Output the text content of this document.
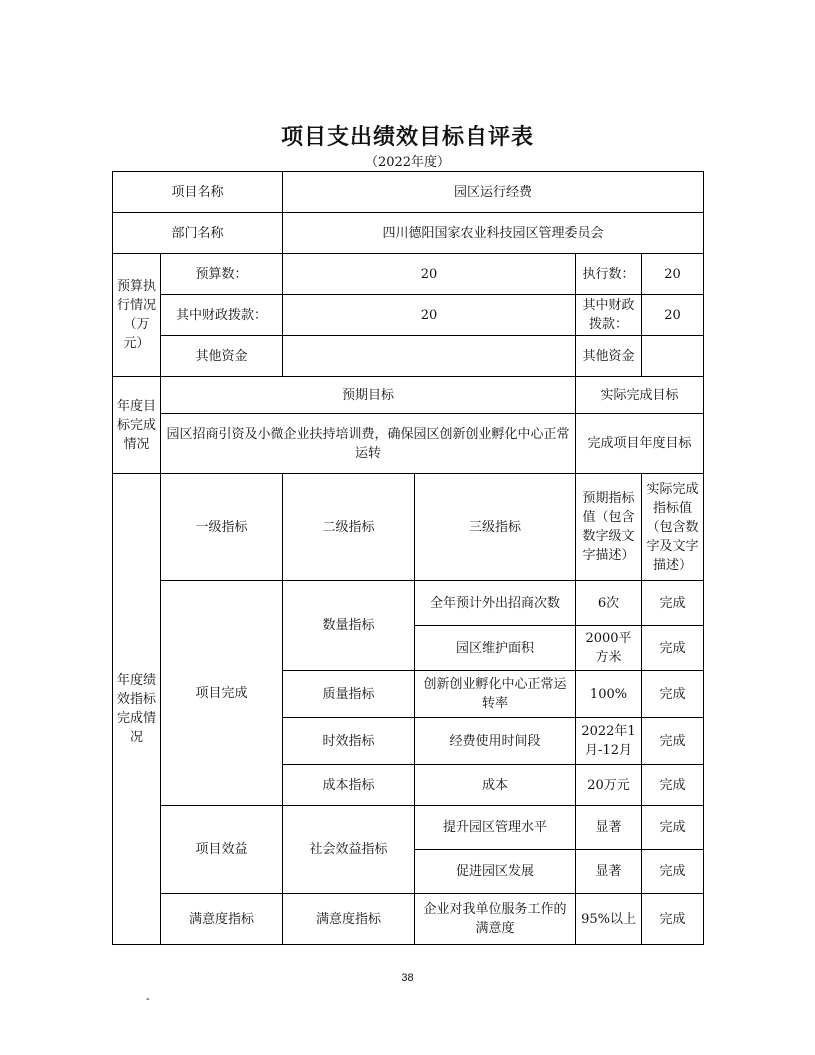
项目支出绩效目标自评表
（2022年度）
项目名称		园区运行经费			
部门名称		四川德阳国家农业科技园区管理委员会			
预算执行情况（万元）	预算数：	20		执行数：	20
	其中财政拨款：	20		其中财政拨款：	20
	其他资金			其他资金	
年度目标完成情况	预期目标			实际完成目标	
	园区招商引资及小微企业扶持培训费，确保园区创新创业孵化中心正常运转			完成项目年度目标	
年度绩效指标完成情况	一级指标	二级指标	三级指标	预期指标值（包含数字级文字描述）	实际完成指标值（包含数字及文字描述）
	项目完成	数量指标	全年预计外出招商次数	6次	完成
			园区维护面积	2000平方米	完成
		质量指标	创新创业孵化中心正常运转率	100%	完成
		时效指标	经费使用时间段	2022年1月-12月	完成
		成本指标	成本	20万元	完成
	项目效益	社会效益指标	提升园区管理水平	显著	完成
			促进园区发展	显著	完成
	满意度指标	满意度指标	企业对我单位服务工作的满意度	95%以上	完成
38
-
